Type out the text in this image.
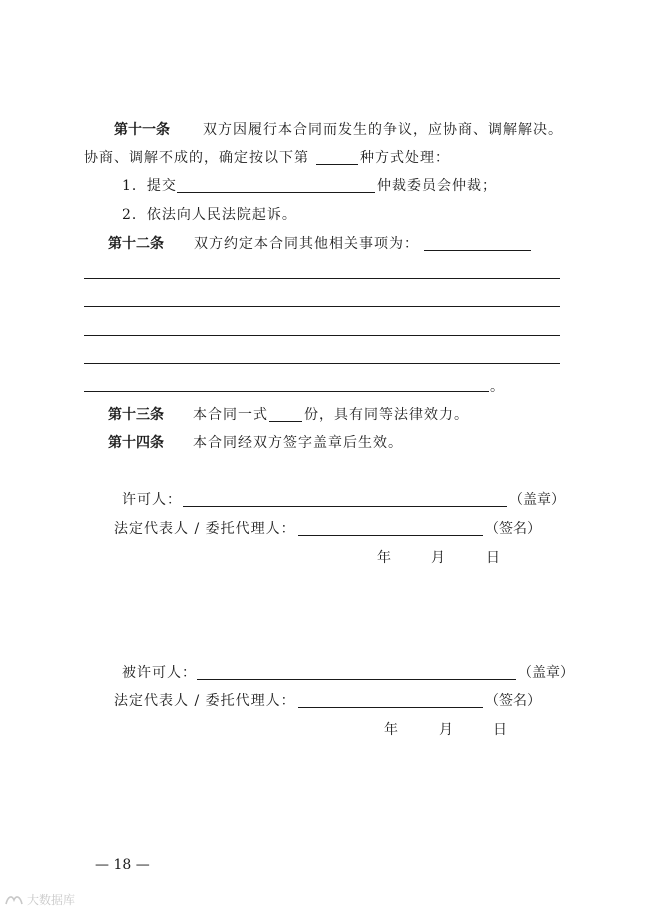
第十一条 双方因履行本合同而发生的争议，应协商、调解解决。
协商、调解不成的，确定按以下第	种方式处理：
1．提交	仲裁委员会仲裁；
2．依法向人民法院起诉。
第十二条 双方约定本合同其他相关事项为：
。
第十三条 本合同一式	份，具有同等法律效力。
第十四条 本合同经双方签字盖章后生效。
许可人：	（盖章）
法定代表人 / 委托代理人：	（签名）
年	月	日
被许可人：	（盖章）
法定代表人 / 委托代理人：	（签名）
年	月	日
— 18 —
大数据库
